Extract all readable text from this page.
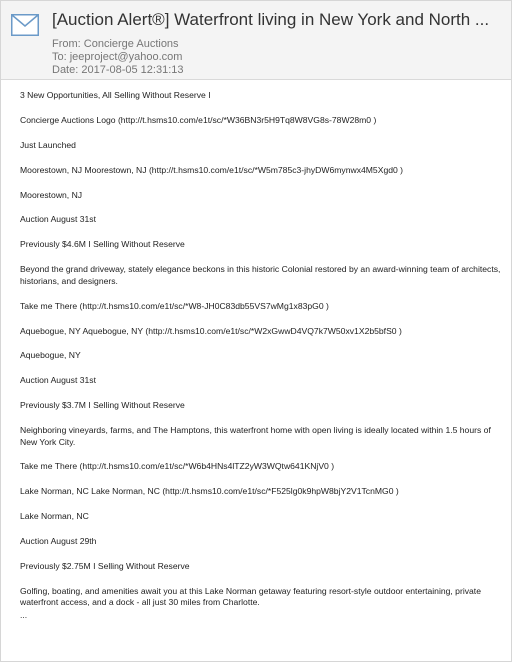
[Auction Alert®] Waterfront living in New York and North ...
From: Concierge Auctions
To: jeeproject@yahoo.com
Date: 2017-08-05 12:31:13

3 New Opportunities, All Selling Without Reserve I

Concierge Auctions Logo (http://t.hsms10.com/e1t/sc/*W36BN3r5H9Tq8W8VG8s-78W28m0 )

Just Launched

Moorestown, NJ Moorestown, NJ (http://t.hsms10.com/e1t/sc/*W5m785c3-jhyDW6mynwx4M5Xgd0 )

Moorestown, NJ

Auction August 31st

Previously $4.6M I Selling Without Reserve

Beyond the grand driveway, stately elegance beckons in this historic Colonial restored by an award-winning team of architects, historians, and designers.

Take me There (http://t.hsms10.com/e1t/sc/*W8-JH0C83db55VS7wMg1x83pG0 )

Aquebogue, NY Aquebogue, NY (http://t.hsms10.com/e1t/sc/*W2xGwwD4VQ7k7W50xv1X2b5bfS0 )

Aquebogue, NY

Auction August 31st

Previously $3.7M I Selling Without Reserve

Neighboring vineyards, farms, and The Hamptons, this waterfront home with open living is ideally located within 1.5 hours of New York City.

Take me There (http://t.hsms10.com/e1t/sc/*W6b4HNs4lTZ2yW3WQtw641KNjV0 )

Lake Norman, NC Lake Norman, NC (http://t.hsms10.com/e1t/sc/*F525lg0k9hpW8bjY2V1TcnMG0 )

Lake Norman, NC

Auction August 29th

Previously $2.75M I Selling Without Reserve

Golfing, boating, and amenities await you at this Lake Norman getaway featuring resort-style outdoor entertaining, private waterfront access, and a dock - all just 30 miles from Charlotte.

...
